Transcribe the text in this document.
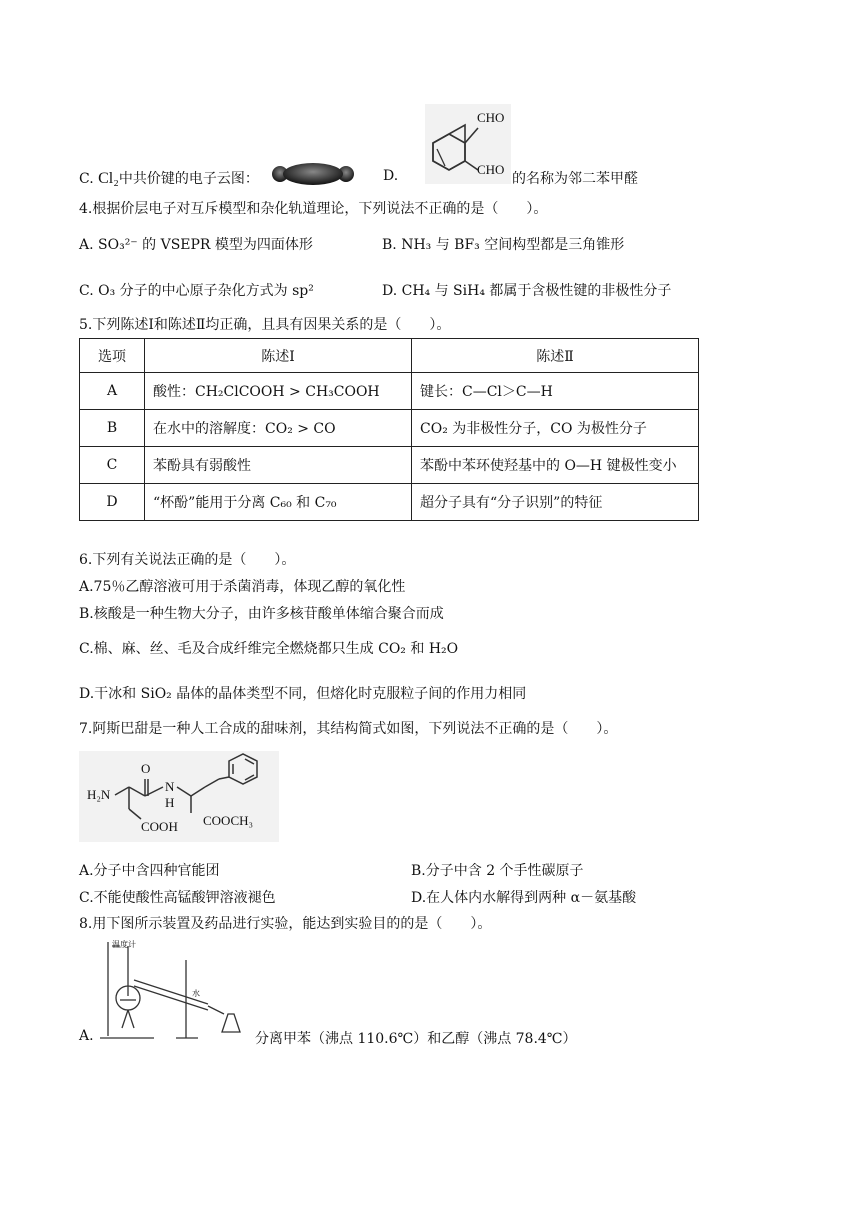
C. Cl₂中共价键的电子云图：	D.
CHO
CHO
的名称为邻二苯甲醛
4.根据价层电子对互斥模型和杂化轨道理论，下列说法不正确的是（　　）。
A. SO₃²⁻ 的 VSEPR 模型为四面体形	B. NH₃ 与 BF₃ 空间构型都是三角锥形
C. O₃ 分子的中心原子杂化方式为 sp²	D. CH₄ 与 SiH₄ 都属于含极性键的非极性分子
5.下列陈述Ⅰ和陈述Ⅱ均正确，且具有因果关系的是（　　）。
选项	陈述Ⅰ	陈述Ⅱ
A	酸性：CH₂ClCOOH > CH₃COOH	键长：C—Cl＞C—H
B	在水中的溶解度：CO₂ > CO	CO₂ 为非极性分子，CO 为极性分子
C	苯酚具有弱酸性	苯酚中苯环使羟基中的 O—H 键极性变小
D	“杯酚”能用于分离 C₆₀ 和 C₇₀	超分子具有“分子识别”的特征
6.下列有关说法正确的是（　　）。
A.75％乙醇溶液可用于杀菌消毒，体现乙醇的氧化性
B.核酸是一种生物大分子，由许多核苷酸单体缩合聚合而成
C.棉、麻、丝、毛及合成纤维完全燃烧都只生成 CO₂ 和 H₂O
D.干冰和 SiO₂ 晶体的晶体类型不同，但熔化时克服粒子间的作用力相同
7.阿斯巴甜是一种人工合成的甜味剂，其结构简式如图，下列说法不正确的是（　　）。
H₂N
O
N
H
COOH COOCH₃
A.分子中含四种官能团	B.分子中含 2 个手性碳原子
C.不能使酸性高锰酸钾溶液褪色	D.在人体内水解得到两种 α－氨基酸
8.用下图所示装置及药品进行实验，能达到实验目的的是（　　）。
A.
温度计
水
分离甲苯（沸点 110.6℃）和乙醇（沸点 78.4℃）
